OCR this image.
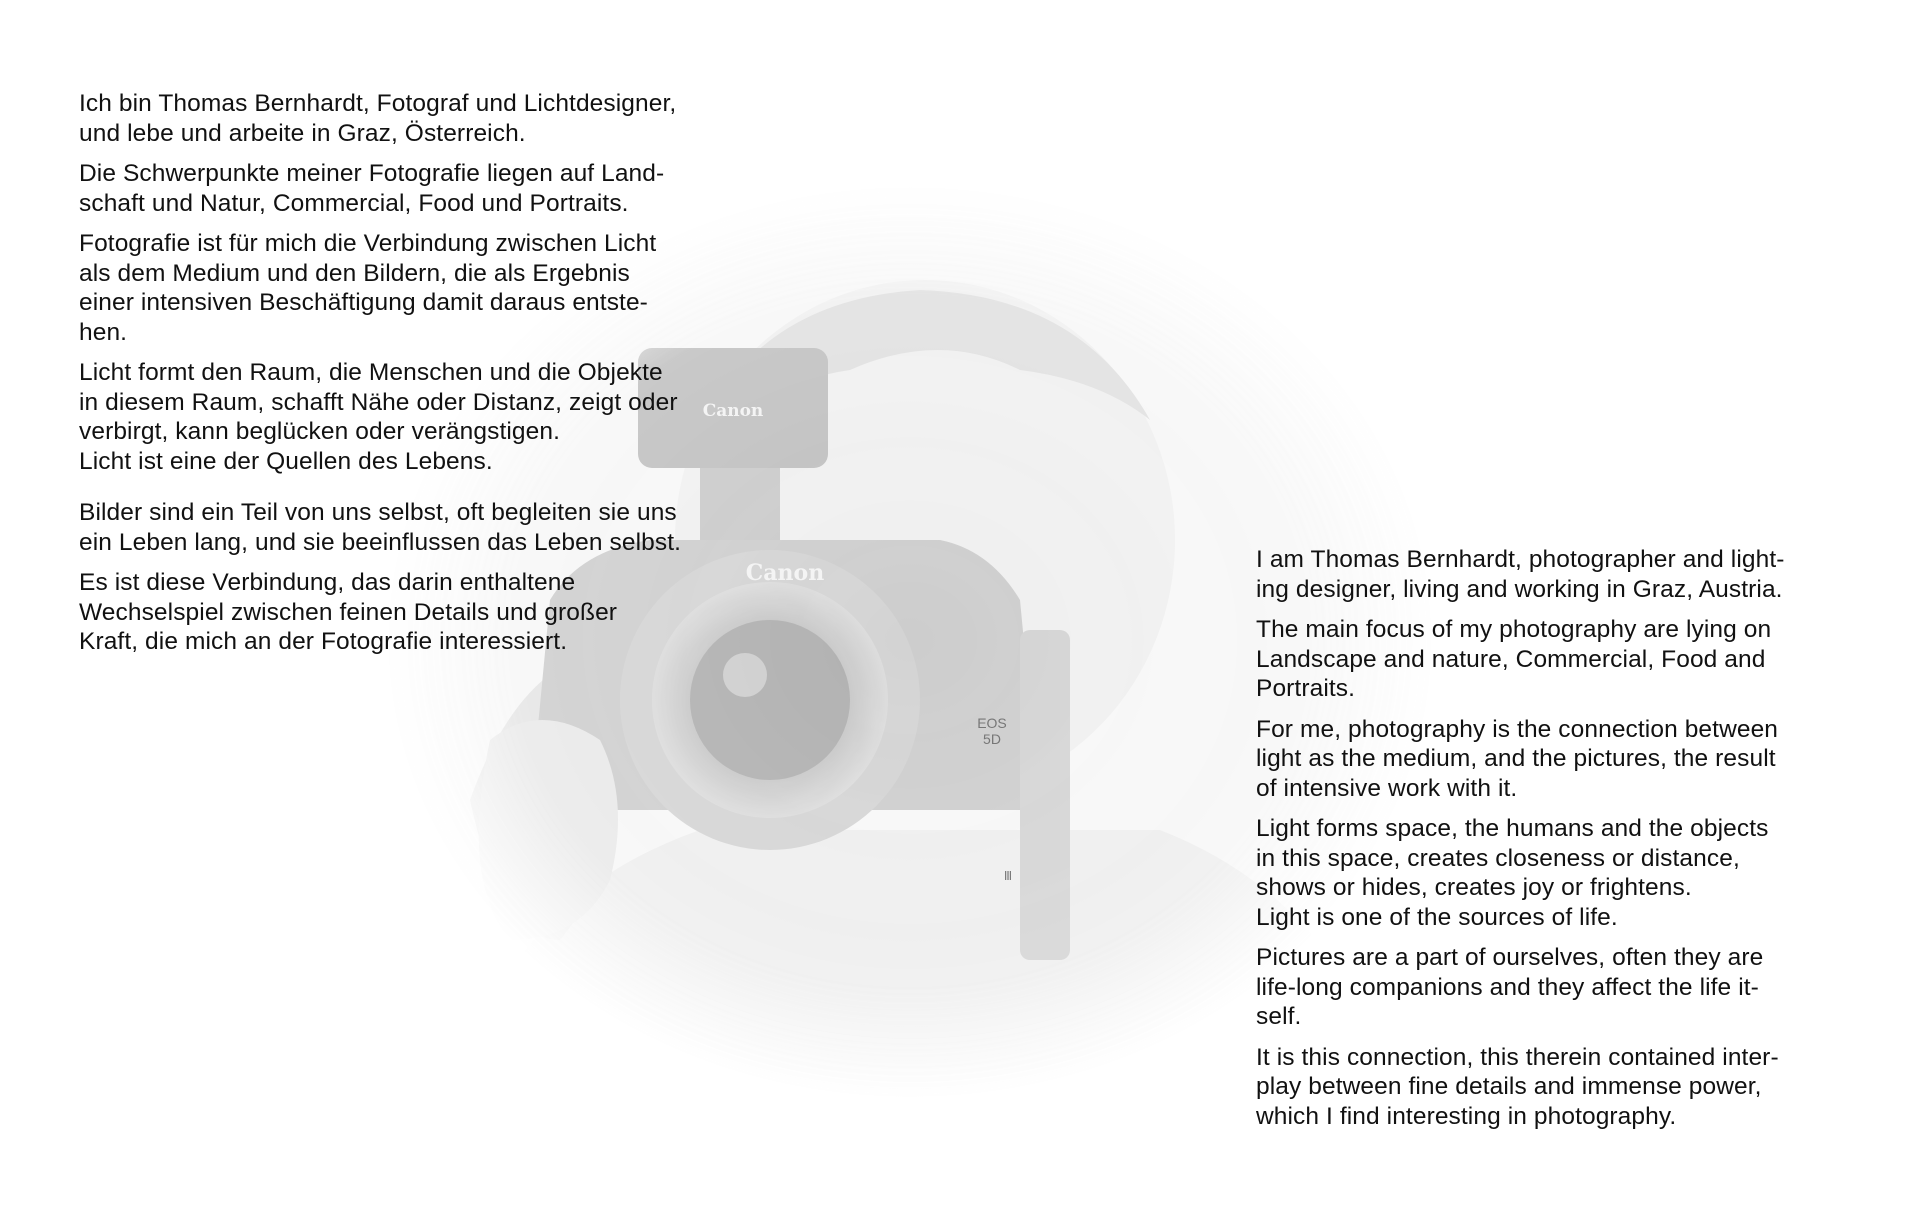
Canon
Canon
EOS 5D
Ⅲ

Ich bin Thomas Bernhardt, Fotograf und Lichtdesigner,
und lebe und arbeite in Graz, Österreich.

Die Schwerpunkte meiner Fotografie liegen auf Land-
schaft und Natur, Commercial, Food und Portraits.

Fotografie ist für mich die Verbindung zwischen Licht
als dem Medium und den Bildern, die als Ergebnis
einer intensiven Beschäftigung damit daraus entste-
hen.

Licht formt den Raum, die Menschen und die Objekte
in diesem Raum, schafft Nähe oder Distanz, zeigt oder
verbirgt, kann beglücken oder verängstigen.
Licht ist eine der Quellen des Lebens.

Bilder sind ein Teil von uns selbst, oft begleiten sie uns
ein Leben lang, und sie beeinflussen das Leben selbst.

Es ist diese Verbindung, das darin enthaltene
Wechselspiel zwischen feinen Details und großer
Kraft, die mich an der Fotografie interessiert.

I am Thomas Bernhardt, photographer and light-
ing designer, living and working in Graz, Austria.

The main focus of my photography are lying on
Landscape and nature, Commercial, Food and
Portraits.

For me, photography is the connection between
light as the medium, and the pictures, the result
of intensive work with it.

Light forms space, the humans and the objects
in this space, creates closeness or distance,
shows or hides, creates joy or frightens.
Light is one of the sources of life.

Pictures are a part of ourselves, often they are
life-long companions and they affect the life it-
self.

It is this connection, this therein contained inter-
play between fine details and immense power,
which I find interesting in photography.
